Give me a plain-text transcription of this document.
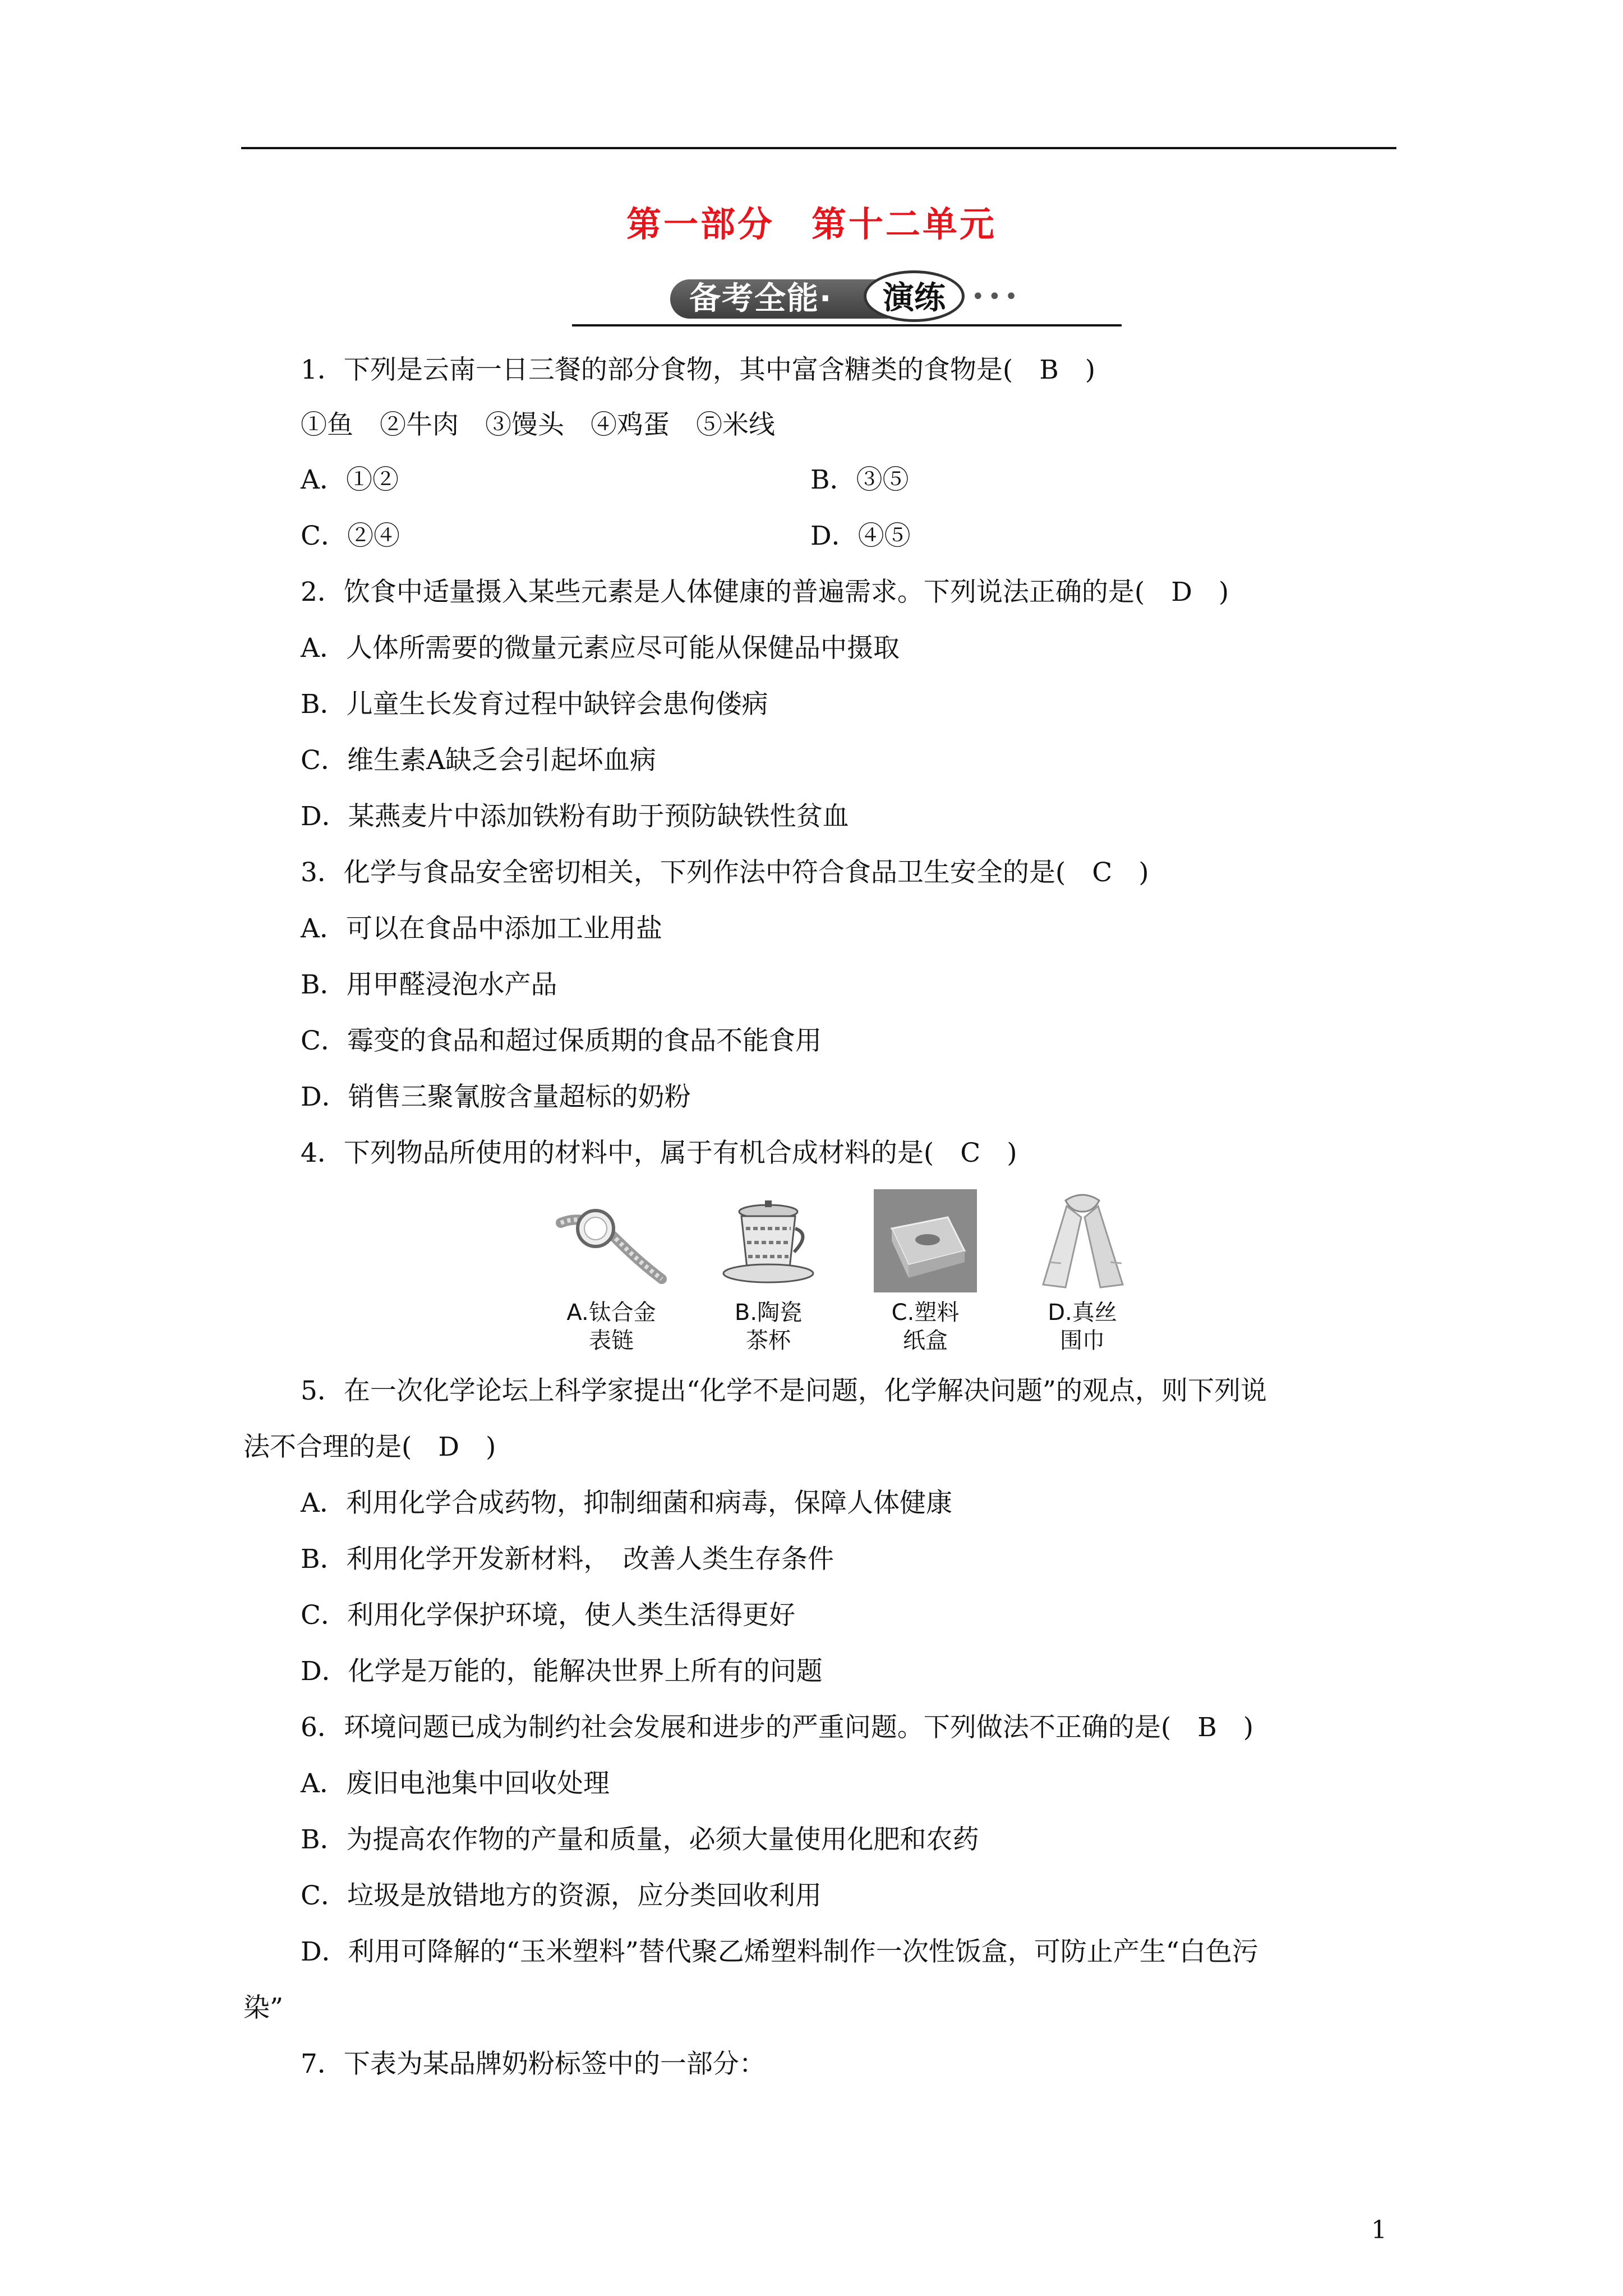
第一部分　第十二单元
备考全能·	演练	•••
1．下列是云南一日三餐的部分食物，其中富含糖类的食物是(　B　)
①鱼　②牛肉　③馒头　④鸡蛋　⑤米线
A．①②	B．③⑤
C．②④	D．④⑤
2．饮食中适量摄入某些元素是人体健康的普遍需求。下列说法正确的是(　D　)
A．人体所需要的微量元素应尽可能从保健品中摄取
B．儿童生长发育过程中缺锌会患佝偻病
C．维生素A缺乏会引起坏血病
D．某燕麦片中添加铁粉有助于预防缺铁性贫血
3．化学与食品安全密切相关，下列作法中符合食品卫生安全的是(　C　)
A．可以在食品中添加工业用盐
B．用甲醛浸泡水产品
C．霉变的食品和超过保质期的食品不能食用
D．销售三聚氰胺含量超标的奶粉
4．下列物品所使用的材料中，属于有机合成材料的是(　C　)
A.钛合金
表链
B.陶瓷
茶杯
C.塑料
纸盒
D.真丝
围巾
5．在一次化学论坛上科学家提出“化学不是问题，化学解决问题”的观点，则下列说
法不合理的是(　D　)
A．利用化学合成药物，抑制细菌和病毒，保障人体健康
B．利用化学开发新材料，　改善人类生存条件
C．利用化学保护环境，使人类生活得更好
D．化学是万能的，能解决世界上所有的问题
6．环境问题已成为制约社会发展和进步的严重问题。下列做法不正确的是(　B　)
A．废旧电池集中回收处理
B．为提高农作物的产量和质量，必须大量使用化肥和农药
C．垃圾是放错地方的资源，应分类回收利用
D．利用可降解的“玉米塑料”替代聚乙烯塑料制作一次性饭盒，可防止产生“白色污
染”
7．下表为某品牌奶粉标签中的一部分：
1
